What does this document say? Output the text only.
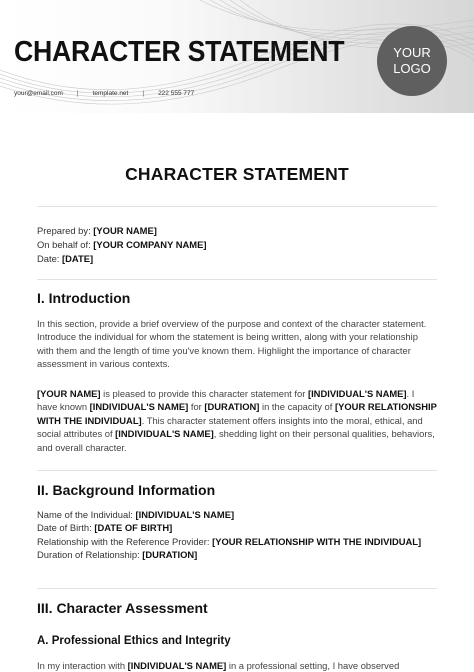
CHARACTER STATEMENT	YOUR
LOGO
your@email.com | template.net | 222 555 777
CHARACTER STATEMENT
Prepared by: [YOUR NAME]
On behalf of: [YOUR COMPANY NAME]
Date: [DATE]
I. Introduction
In this section, provide a brief overview of the purpose and context of the character statement. Introduce the individual for whom the statement is being written, along with your relationship with them and the length of time you've known them. Highlight the importance of character assessment in various contexts.
[YOUR NAME] is pleased to provide this character statement for [INDIVIDUAL'S NAME]. I have known [INDIVIDUAL'S NAME] for [DURATION] in the capacity of [YOUR RELATIONSHIP WITH THE INDIVIDUAL]. This character statement offers insights into the moral, ethical, and social attributes of [INDIVIDUAL'S NAME], shedding light on their personal qualities, behaviors, and overall character.
II. Background Information
Name of the Individual: [INDIVIDUAL'S NAME]
Date of Birth: [DATE OF BIRTH]
Relationship with the Reference Provider: [YOUR RELATIONSHIP WITH THE INDIVIDUAL]
Duration of Relationship: [DURATION]
III. Character Assessment
A. Professional Ethics and Integrity
In my interaction with [INDIVIDUAL'S NAME] in a professional setting, I have observed
